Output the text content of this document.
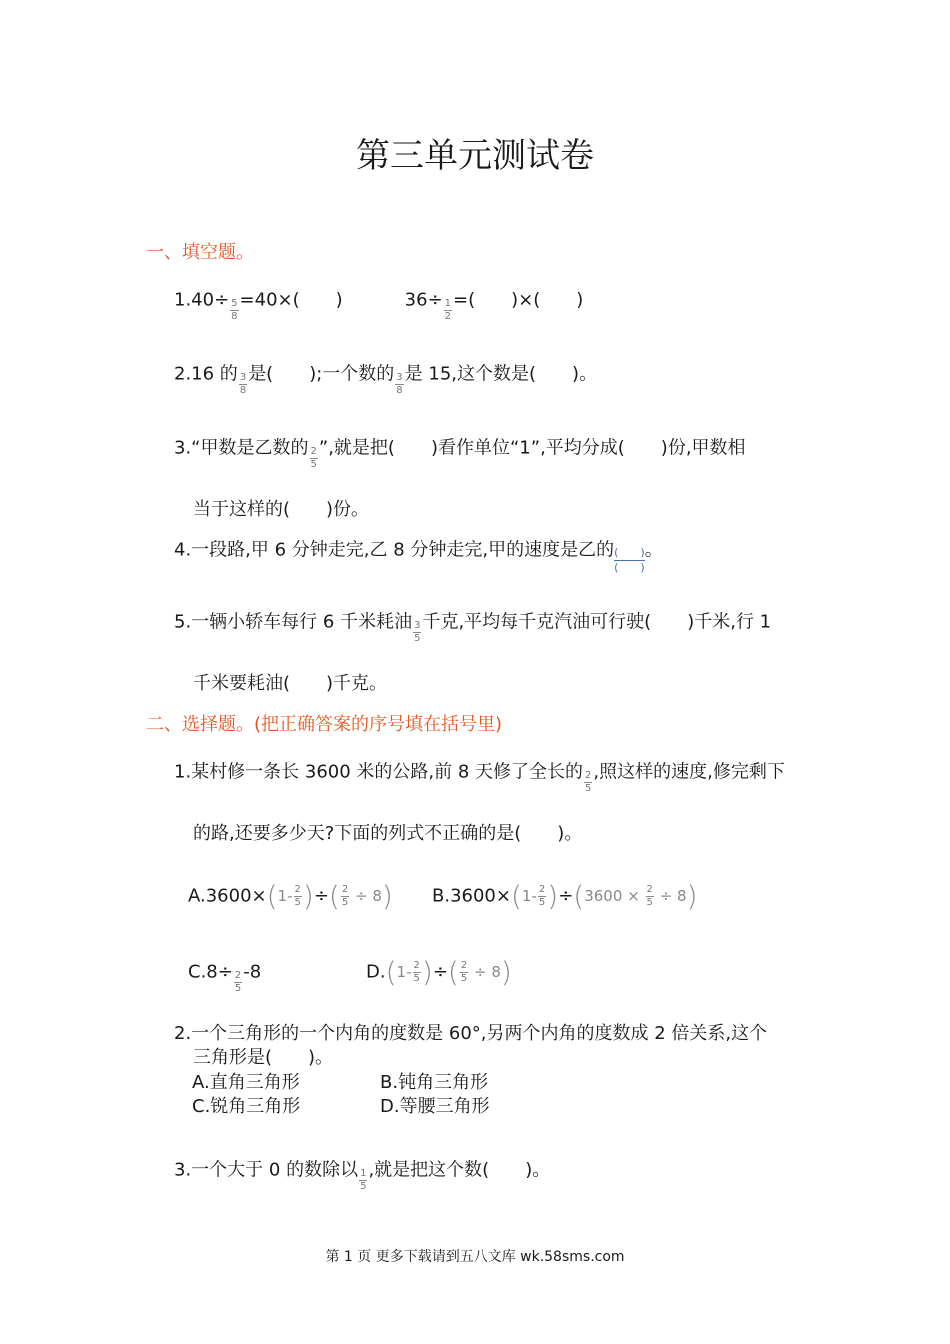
第三单元测试卷
一、填空题。
$1.40\div \frac{5}{8} =40\times$(　　)	$36\div \frac{1}{2}$ =(　　)×(　　)
2.16 的 $\frac{3}{8}$ 是(　　);一个数的 $\frac{3}{8}$ 是 15,这个数是(　　)。
3.“甲数是乙数的 $\frac{2}{5}$ ”,就是把(　　)看作单位“1”,平均分成(　　)份,甲数相
当于这样的(　　)份。
4.一段路,甲 6 分钟走完,乙 8 分钟走完,甲的速度是乙的 $\frac{( )}{( )}$。
5.一辆小轿车每行 6 千米耗油 $\frac{3}{5}$ 千克,平均每千克汽油可行驶(　　)千米,行 1
千米要耗油(　　)千克。
二、选择题。(把正确答案的序号填在括号里)
1.某村修一条长 3600 米的公路,前 8 天修了全长的 $\frac{2}{5}$ ,照这样的速度,修完剩下
的路,还要多少天?下面的列式不正确的是(　　)。
$A.3600\times(1- \frac{2}{5}$ )÷( $\frac{2}{5} \div 8$) $B.3600\times(1- \frac{2}{5} )\div(3600 \times \frac{2}{5} \div 8)$
$C.8\div \frac{2}{5} -8$	$D.(1- \frac{2}{5}$ )÷( $\frac{2}{5} \div 8$)
2.一个三角形的一个内角的度数是 60°,另两个内角的度数成 2 倍关系,这个
三角形是(　　)。
A.直角三角形	B.钝角三角形
C.锐角三角形	D.等腰三角形
3.一个大于 0 的数除以 $\frac{1}{5}$ ,就是把这个数(　　)。
第 1 页 更多下载请到五八文库 wk.58sms.com
